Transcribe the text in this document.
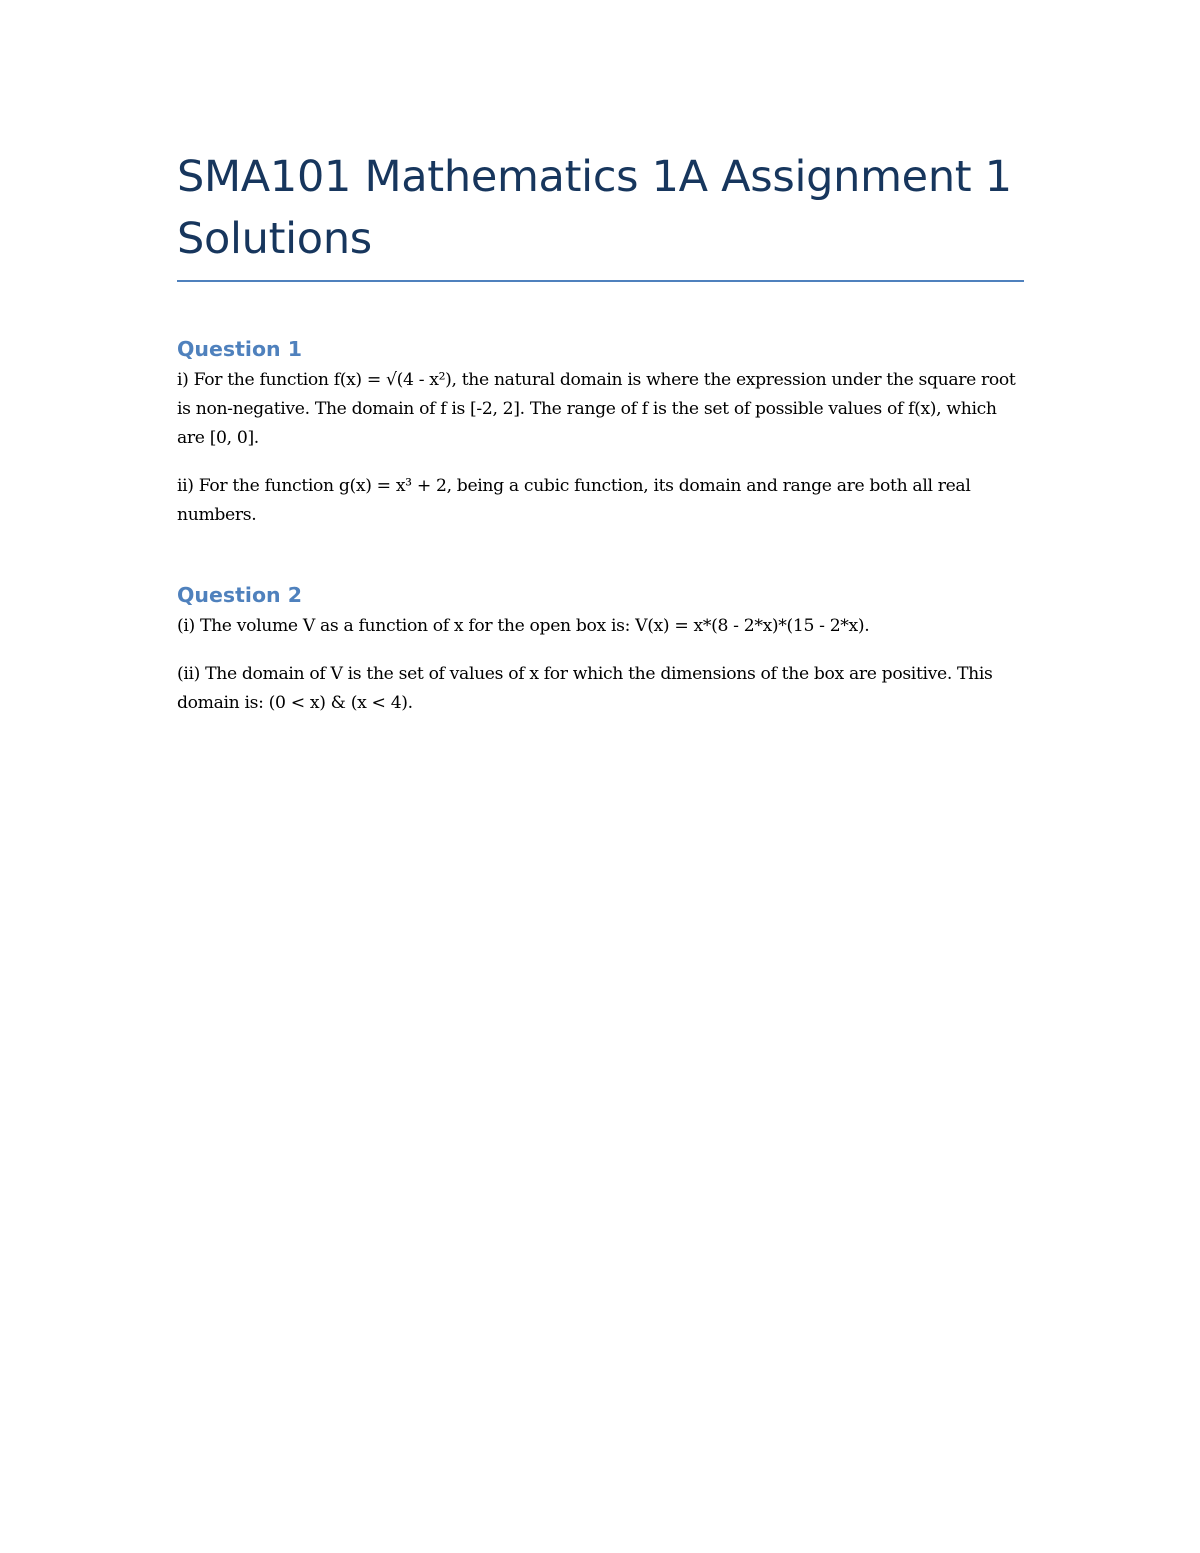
SMA101 Mathematics 1A Assignment 1 Solutions
Question 1

i) For the function f(x) = √(4 - x²), the natural domain is where the expression under the square root is non-negative. The domain of f is [-2, 2]. The range of f is the set of possible values of f(x), which are [0, 0].

ii) For the function g(x) = x³ + 2, being a cubic function, its domain and range are both all real numbers.

Question 2

(i) The volume V as a function of x for the open box is: V(x) = x*(8 - 2*x)*(15 - 2*x).

(ii) The domain of V is the set of values of x for which the dimensions of the box are positive. This domain is: (0 < x) & (x < 4).
